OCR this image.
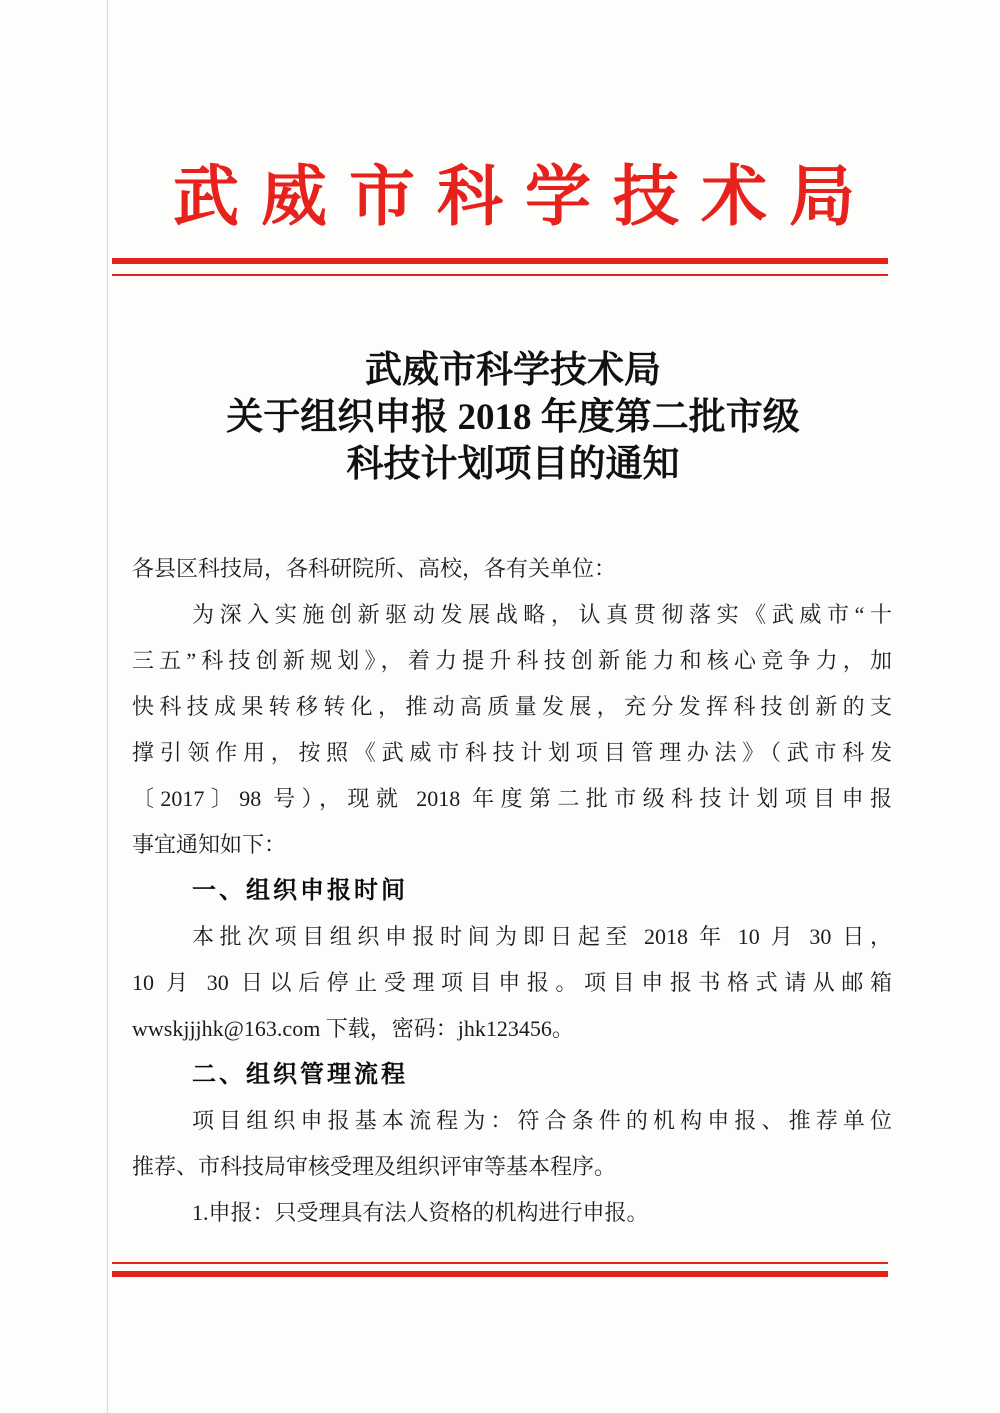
武威市科学技术局
武威市科学技术局
关于组织申报 2018 年度第二批市级
科技计划项目的通知
各县区科技局，各科研院所、高校，各有关单位：
为深入实施创新驱动发展战略，认真贯彻落实《武威市“十
三五”科技创新规划》，着力提升科技创新能力和核心竞争力，加
快科技成果转移转化，推动高质量发展，充分发挥科技创新的支
撑引领作用，按照《武威市科技计划项目管理办法》（武市科发
〔2017〕98 号），现就 2018 年度第二批市级科技计划项目申报
事宜通知如下：
一、组织申报时间
本批次项目组织申报时间为即日起至 2018 年 10 月 30 日，
10 月 30 日以后停止受理项目申报。项目申报书格式请从邮箱
wwskjjjhk@163.com 下载，密码：jhk123456。
二、组织管理流程
项目组织申报基本流程为：符合条件的机构申报、推荐单位
推荐、市科技局审核受理及组织评审等基本程序。
1.申报：只受理具有法人资格的机构进行申报。
